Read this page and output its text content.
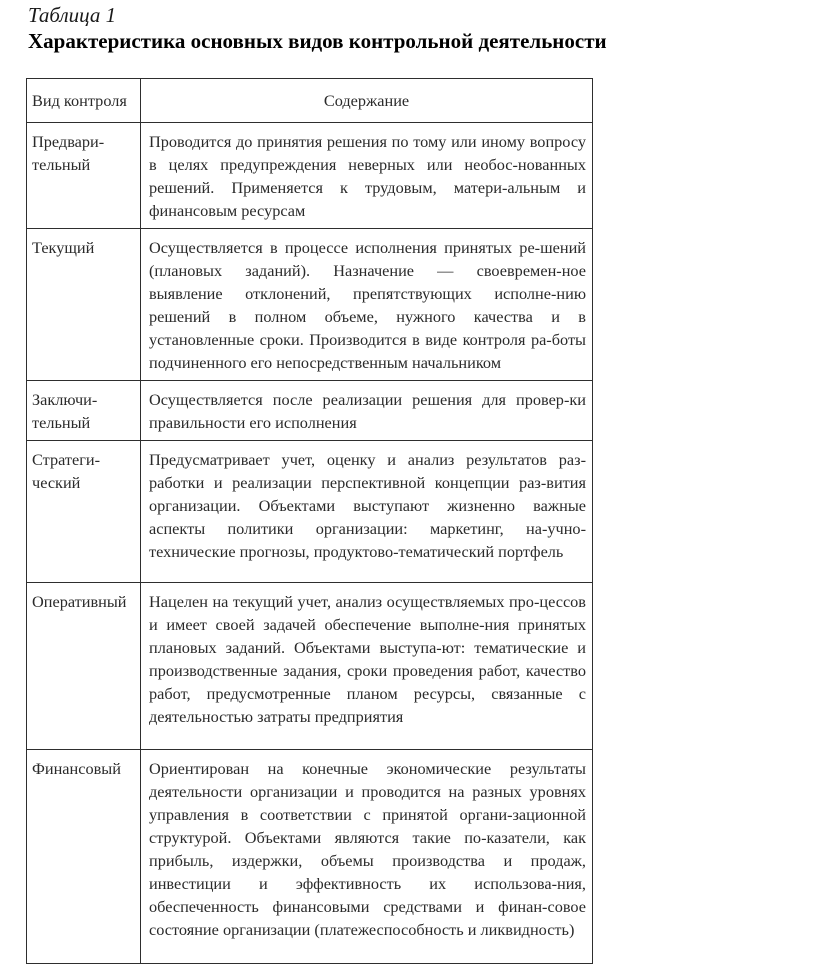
Таблица 1
Характеристика основных видов контрольной деятельности
Вид контроля	Содержание
Предвари-тельный	Проводится до принятия решения по тому или иному вопросу в целях предупреждения неверных или необос-нованных решений. Применяется к трудовым, матери-альным и финансовым ресурсам
Текущий	Осуществляется в процессе исполнения принятых ре-шений (плановых заданий). Назначение — своевремен-ное выявление отклонений, препятствующих исполне-нию решений в полном объеме, нужного качества и в установленные сроки. Производится в виде контроля ра-боты подчиненного его непосредственным начальником
Заключи-тельный	Осуществляется после реализации решения для провер-ки правильности его исполнения
Стратеги-ческий	Предусматривает учет, оценку и анализ результатов раз-работки и реализации перспективной концепции раз-вития организации. Объектами выступают жизненно важные аспекты политики организации: маркетинг, на-учно-технические прогнозы, продуктово-тематический портфель
Оперативный	Нацелен на текущий учет, анализ осуществляемых про-цессов и имеет своей задачей обеспечение выполне-ния принятых плановых заданий. Объектами выступа-ют: тематические и производственные задания, сроки проведения работ, качество работ, предусмотренные планом ресурсы, связанные с деятельностью затраты предприятия
Финансовый	Ориентирован на конечные экономические результаты деятельности организации и проводится на разных уровнях управления в соответствии с принятой органи-зационной структурой. Объектами являются такие по-казатели, как прибыль, издержки, объемы производства и продаж, инвестиции и эффективность их использова-ния, обеспеченность финансовыми средствами и финан-совое состояние организации (платежеспособность и ликвидность)
